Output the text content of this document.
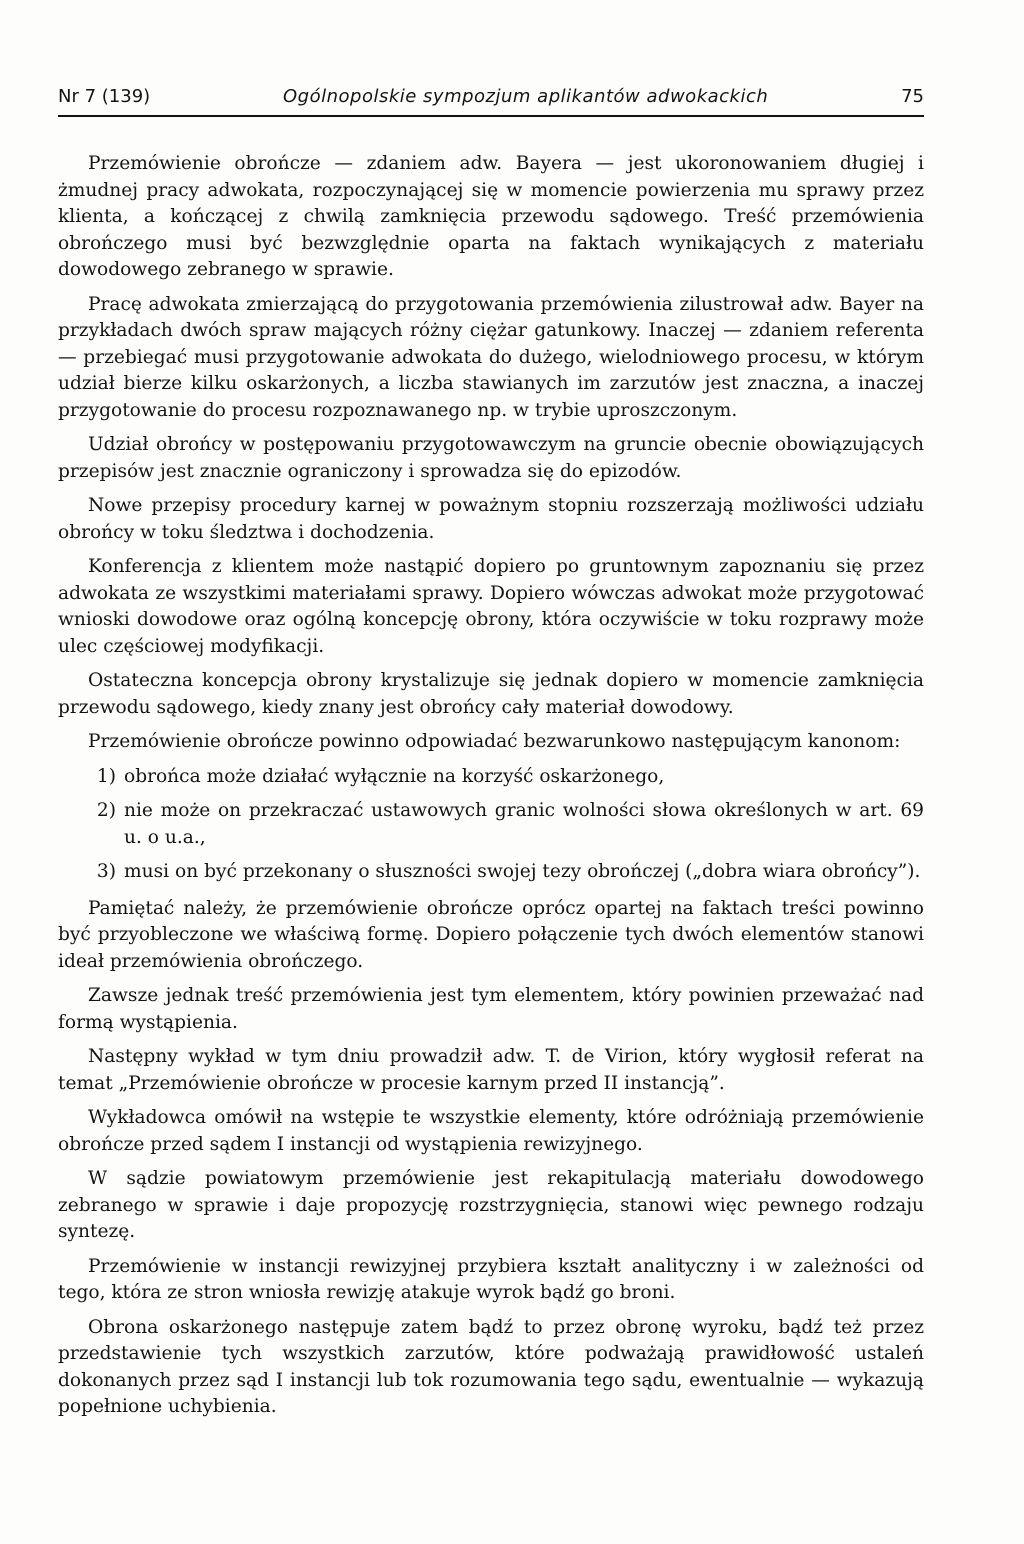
Nr 7 (139)	Ogólnopolskie sympozjum aplikantów adwokackich	75

Przemówienie obrończe — zdaniem adw. Bayera — jest ukoronowaniem długiej i żmudnej pracy adwokata, rozpoczynającej się w momencie powierzenia mu sprawy przez klienta, a kończącej z chwilą zamknięcia przewodu sądowego. Treść przemówienia obrończego musi być bezwzględnie oparta na faktach wynikających z materiału dowodowego zebranego w sprawie.

Pracę adwokata zmierzającą do przygotowania przemówienia zilustrował adw. Bayer na przykładach dwóch spraw mających różny ciężar gatunkowy. Inaczej — zdaniem referenta — przebiegać musi przygotowanie adwokata do dużego, wielodniowego procesu, w którym udział bierze kilku oskarżonych, a liczba stawianych im zarzutów jest znaczna, a inaczej przygotowanie do procesu rozpoznawanego np. w trybie uproszczonym.

Udział obrońcy w postępowaniu przygotowawczym na gruncie obecnie obowiązujących przepisów jest znacznie ograniczony i sprowadza się do epizodów.

Nowe przepisy procedury karnej w poważnym stopniu rozszerzają możliwości udziału obrońcy w toku śledztwa i dochodzenia.

Konferencja z klientem może nastąpić dopiero po gruntownym zapoznaniu się przez adwokata ze wszystkimi materiałami sprawy. Dopiero wówczas adwokat może przygotować wnioski dowodowe oraz ogólną koncepcję obrony, która oczywiście w toku rozprawy może ulec częściowej modyfikacji.

Ostateczna koncepcja obrony krystalizuje się jednak dopiero w momencie zamknięcia przewodu sądowego, kiedy znany jest obrońcy cały materiał dowodowy.

Przemówienie obrończe powinno odpowiadać bezwarunkowo następującym kanonom:

1) obrońca może działać wyłącznie na korzyść oskarżonego,
2) nie może on przekraczać ustawowych granic wolności słowa określonych w art. 69 u. o u.a.,
3) musi on być przekonany o słuszności swojej tezy obrończej („dobra wiara obrońcy”).

Pamiętać należy, że przemówienie obrończe oprócz opartej na faktach treści powinno być przyobleczone we właściwą formę. Dopiero połączenie tych dwóch elementów stanowi ideał przemówienia obrończego.

Zawsze jednak treść przemówienia jest tym elementem, który powinien przeważać nad formą wystąpienia.

Następny wykład w tym dniu prowadził adw. T. de Virion, który wygłosił referat na temat „Przemówienie obrończe w procesie karnym przed II instancją”.

Wykładowca omówił na wstępie te wszystkie elementy, które odróżniają przemówienie obrończe przed sądem I instancji od wystąpienia rewizyjnego.

W sądzie powiatowym przemówienie jest rekapitulacją materiału dowodowego zebranego w sprawie i daje propozycję rozstrzygnięcia, stanowi więc pewnego rodzaju syntezę.

Przemówienie w instancji rewizyjnej przybiera kształt analityczny i w zależności od tego, która ze stron wniosła rewizję atakuje wyrok bądź go broni.

Obrona oskarżonego następuje zatem bądź to przez obronę wyroku, bądź też przez przedstawienie tych wszystkich zarzutów, które podważają prawidłowość ustaleń dokonanych przez sąd I instancji lub tok rozumowania tego sądu, ewentualnie — wykazują popełnione uchybienia.
